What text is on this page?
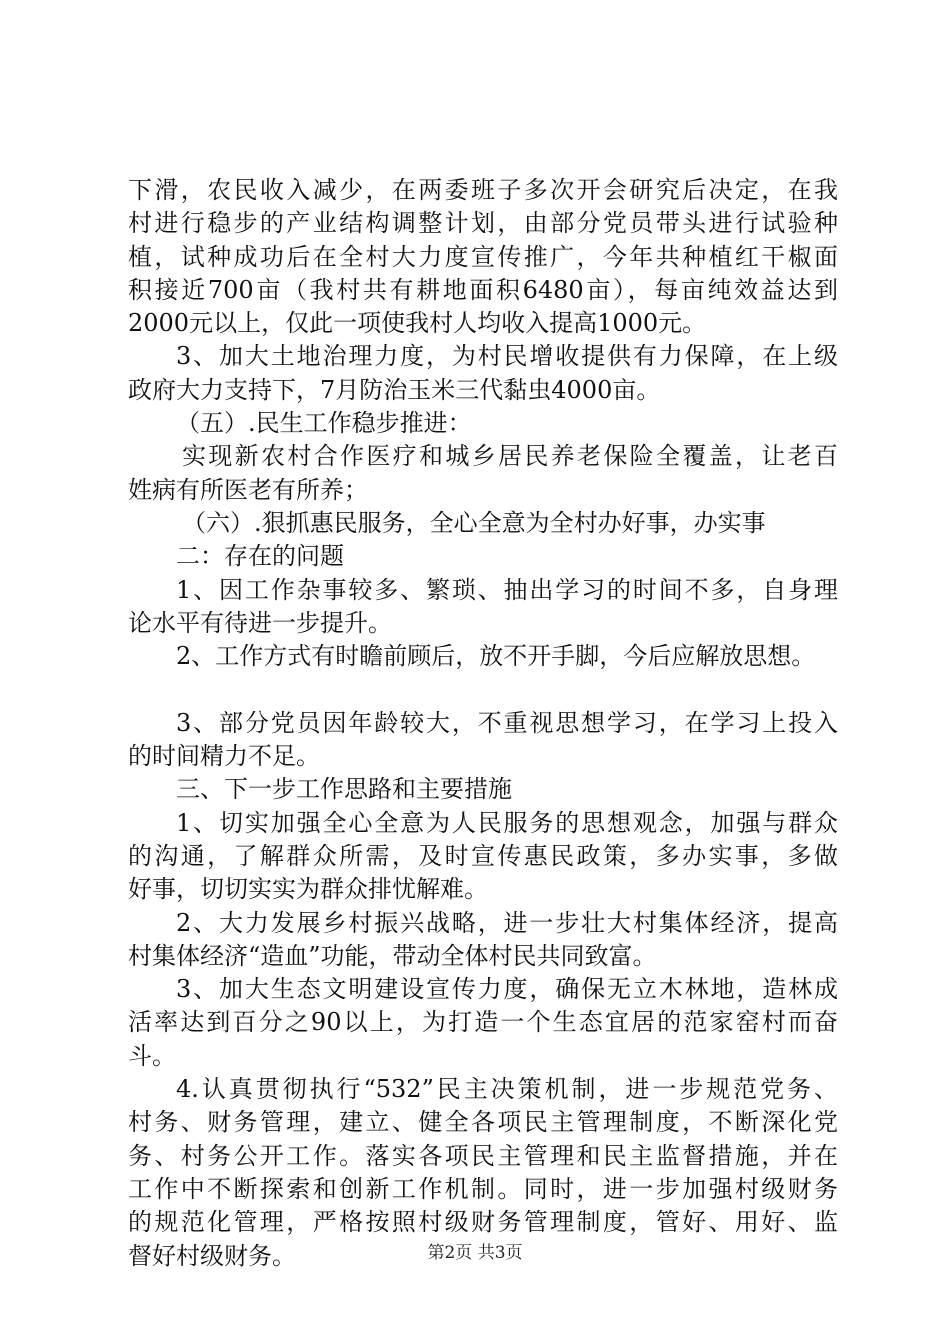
下滑，农民收入减少，在两委班子多次开会研究后决定，在我
村进行稳步的产业结构调整计划，由部分党员带头进行试验种
植，试种成功后在全村大力度宣传推广，今年共种植红干椒面
积接近700亩（我村共有耕地面积6480亩），每亩纯效益达到
2000元以上，仅此一项使我村人均收入提高1000元。
3、加大土地治理力度，为村民增收提供有力保障，在上级
政府大力支持下，7月防治玉米三代黏虫4000亩。
（五）.民生工作稳步推进：
实现新农村合作医疗和城乡居民养老保险全覆盖，让老百
姓病有所医老有所养；
（六）.狠抓惠民服务，全心全意为全村办好事，办实事
二：存在的问题
1、因工作杂事较多、繁琐、抽出学习的时间不多，自身理
论水平有待进一步提升。
2、工作方式有时瞻前顾后，放不开手脚，今后应解放思想。
3、部分党员因年龄较大，不重视思想学习，在学习上投入
的时间精力不足。
三、下一步工作思路和主要措施
1、切实加强全心全意为人民服务的思想观念，加强与群众
的沟通，了解群众所需，及时宣传惠民政策，多办实事，多做
好事，切切实实为群众排忧解难。
2、大力发展乡村振兴战略，进一步壮大村集体经济，提高
村集体经济“造血”功能，带动全体村民共同致富。
3、加大生态文明建设宣传力度，确保无立木林地，造林成
活率达到百分之90以上，为打造一个生态宜居的范家窑村而奋
斗。
4.认真贯彻执行“532”民主决策机制，进一步规范党务、
村务、财务管理，建立、健全各项民主管理制度，不断深化党
务、村务公开工作。落实各项民主管理和民主监督措施，并在
工作中不断探索和创新工作机制。同时，进一步加强村级财务
的规范化管理，严格按照村级财务管理制度，管好、用好、监
督好村级财务。	第2页 共3页
